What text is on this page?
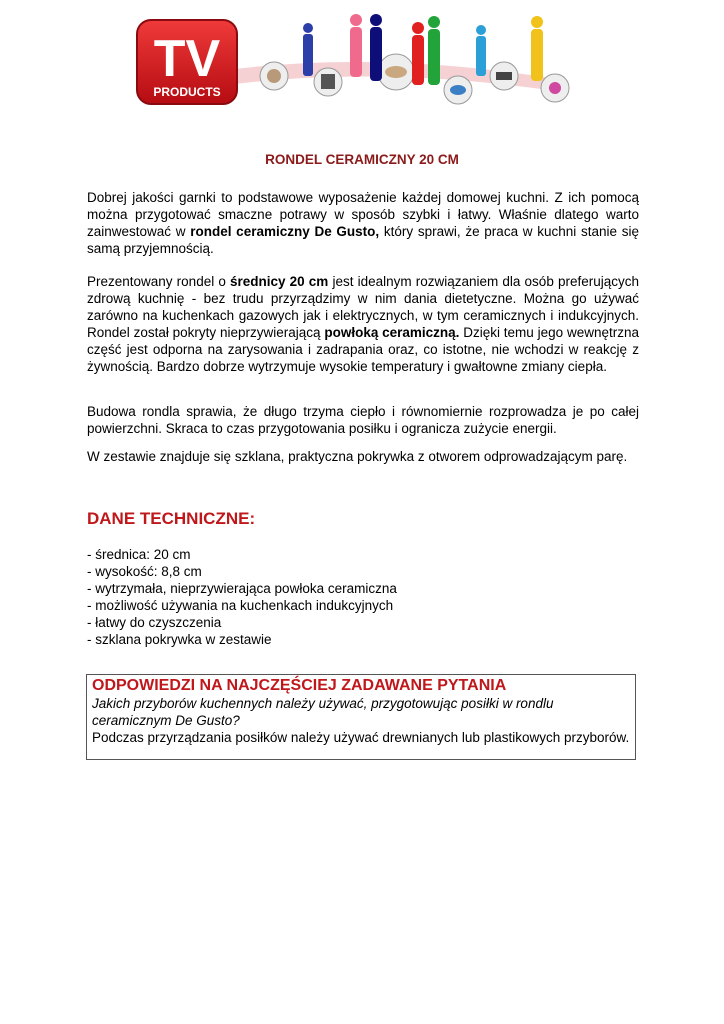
TV
PRODUCTS
RONDEL CERAMICZNY 20 CM

Dobrej jakości garnki to podstawowe wyposażenie każdej domowej kuchni. Z ich pomocą można przygotować smaczne potrawy w sposób szybki i łatwy. Właśnie dlatego warto zainwestować w rondel ceramiczny De Gusto, który sprawi, że praca w kuchni stanie się samą przyjemnością.

Prezentowany rondel o średnicy 20 cm jest idealnym rozwiązaniem dla osób preferujących zdrową kuchnię - bez trudu przyrządzimy w nim dania dietetyczne. Można go używać zarówno na kuchenkach gazowych jak i elektrycznych, w tym ceramicznych i indukcyjnych. Rondel został pokryty nieprzywierającą powłoką ceramiczną. Dzięki temu jego wewnętrzna część jest odporna na zarysowania i zadrapania oraz, co istotne, nie wchodzi w reakcję z żywnością. Bardzo dobrze wytrzymuje wysokie temperatury i gwałtowne zmiany ciepła.

Budowa rondla sprawia, że długo trzyma ciepło i równomiernie rozprowadza je po całej powierzchni. Skraca to czas przygotowania posiłku i ogranicza zużycie energii.

W zestawie znajduje się szklana, praktyczna pokrywka z otworem odprowadzającym parę.

DANE TECHNICZNE:
- średnica: 20 cm
- wysokość: 8,8 cm
- wytrzymała, nieprzywierająca powłoka ceramiczna
- możliwość używania na kuchenkach indukcyjnych
- łatwy do czyszczenia
- szklana pokrywka w zestawie
ODPOWIEDZI NA NAJCZĘŚCIEJ ZADAWANE PYTANIA

Jakich przyborów kuchennych należy używać, przygotowując posiłki w rondlu ceramicznym De Gusto?

Podczas przyrządzania posiłków należy używać drewnianych lub plastikowych przyborów.
